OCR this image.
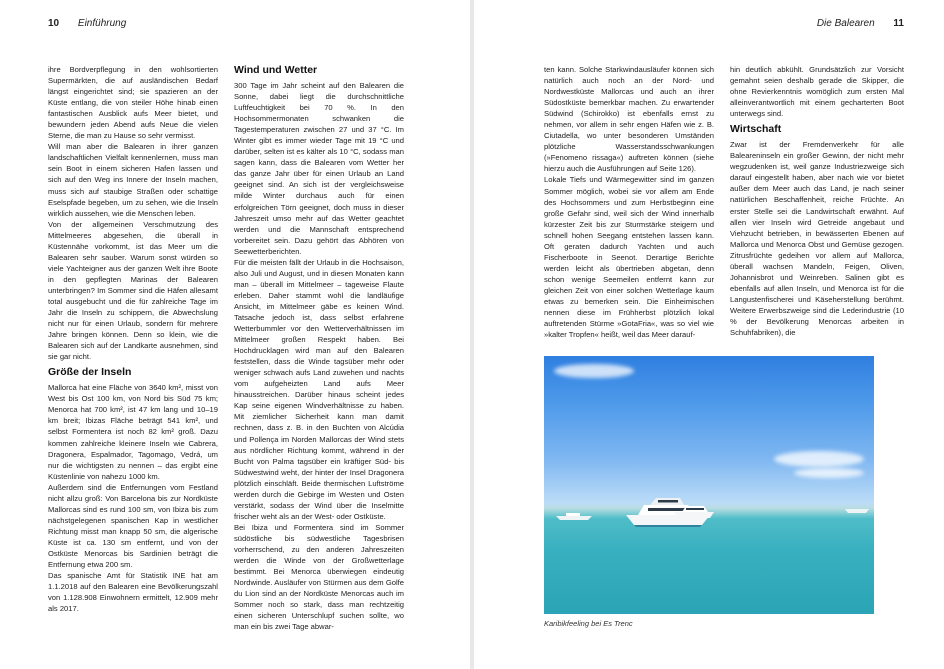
10 Einführung

ihre Bordverpflegung in den wohlsortierten Supermärkten, die auf ausländischen Bedarf längst eingerichtet sind; sie spazieren an der Küste entlang, die von steiler Höhe hinab einen fantastischen Ausblick aufs Meer bietet, und bewundern jeden Abend aufs Neue die vielen Sterne, die man zu Hause so sehr vermisst.

Will man aber die Balearen in ihrer ganzen landschaftlichen Vielfalt kennenlernen, muss man sein Boot in einem sicheren Hafen lassen und sich auf den Weg ins Innere der Inseln machen, muss sich auf staubige Straßen oder schattige Eselspfade begeben, um zu sehen, wie die Inseln wirklich aussehen, wie die Menschen leben.

Von der allgemeinen Verschmutzung des Mittelmeeres abgesehen, die überall in Küstennähe vorkommt, ist das Meer um die Balearen sehr sauber. Warum sonst würden so viele Yachteigner aus der ganzen Welt ihre Boote in den gepflegten Marinas der Balearen unterbringen? Im Sommer sind die Häfen allesamt total ausgebucht und die für zahlreiche Tage im Jahr die Inseln zu schippern, die Abwechslung nicht nur für einen Urlaub, sondern für mehrere Jahre bringen können. Denn so klein, wie die Balearen sich auf der Landkarte ausnehmen, sind sie gar nicht.

Größe der Inseln

Mallorca hat eine Fläche von 3640 km², misst von West bis Ost 100 km, von Nord bis Süd 75 km; Menorca hat 700 km², ist 47 km lang und 10–19 km breit; Ibizas Fläche beträgt 541 km², und selbst Formentera ist noch 82 km² groß. Dazu kommen zahlreiche kleinere Inseln wie Cabrera, Dragonera, Espalmador, Tagomago, Vedrá, um nur die wichtigsten zu nennen – das ergibt eine Küstenlinie von nahezu 1000 km.

Außerdem sind die Entfernungen vom Festland nicht allzu groß: Von Barcelona bis zur Nordküste Mallorcas sind es rund 100 sm, von Ibiza bis zum nächstgelegenen spanischen Kap in westlicher Richtung misst man knapp 50 sm, die algerische Küste ist ca. 130 sm entfernt, und von der Ostküste Menorcas bis Sardinien beträgt die Entfernung etwa 200 sm.

Das spanische Amt für Statistik INE hat am 1.1.2018 auf den Balearen eine Bevölkerungszahl von 1.128.908 Einwohnern ermittelt, 12.909 mehr als 2017.

Wind und Wetter

300 Tage im Jahr scheint auf den Balearen die Sonne, dabei liegt die durchschnittliche Luftfeuchtigkeit bei 70 %. In den Hochsommermonaten schwanken die Tagestemperaturen zwischen 27 und 37 °C. Im Winter gibt es immer wieder Tage mit 19 °C und darüber, selten ist es kälter als 10 °C, sodass man sagen kann, dass die Balearen vom Wetter her das ganze Jahr über für einen Urlaub an Land geeignet sind. An sich ist der vergleichsweise milde Winter durchaus auch für einen erfolgreichen Törn geeignet, doch muss in dieser Jahreszeit umso mehr auf das Wetter geachtet werden und die Mannschaft entsprechend vorbereitet sein. Dazu gehört das Abhören von Seewetterberichten.

Für die meisten fällt der Urlaub in die Hochsaison, also Juli und August, und in diesen Monaten kann man – überall im Mittelmeer – tageweise Flaute erleben. Daher stammt wohl die landläufige Ansicht, im Mittelmeer gäbe es keinen Wind. Tatsache jedoch ist, dass selbst erfahrene Wetterbummler vor den Wetterverhältnissen im Mittelmeer großen Respekt haben. Bei Hochdrucklagen wird man auf den Balearen feststellen, dass die Winde tagsüber mehr oder weniger schwach aufs Land zuwehen und nachts vom aufgeheizten Land aufs Meer hinausstreichen. Darüber hinaus scheint jedes Kap seine eigenen Windverhältnisse zu haben. Mit ziemlicher Sicherheit kann man damit rechnen, dass z. B. in den Buchten von Alcúdia und Pollença im Norden Mallorcas der Wind stets aus nördlicher Richtung kommt, während in der Bucht von Palma tagsüber ein kräftiger Süd- bis Südwestwind weht, der hinter der Insel Dragonera plötzlich einschläft. Beide thermischen Luftströme werden durch die Gebirge im Westen und Osten verstärkt, sodass der Wind über die Inselmitte frischer weht als an der West- oder Ostküste.

Bei Ibiza und Formentera sind im Sommer südöstliche bis südwestliche Tagesbrisen vorherrschend, zu den anderen Jahreszeiten werden die Winde von der Großwetterlage bestimmt. Bei Menorca überwiegen eindeutig Nordwinde. Ausläufer von Stürmen aus dem Golfe du Lion sind an der Nordküste Menorcas auch im Sommer noch so stark, dass man rechtzeitig einen sicheren Unterschlupf suchen sollte, wo man ein bis zwei Tage abwar-

Die Balearen 11

ten kann. Solche Starkwindausläufer können sich natürlich auch noch an der Nord- und Nordwestküste Mallorcas und auch an ihrer Südostküste bemerkbar machen. Zu erwartender Südwind (Schirokko) ist ebenfalls ernst zu nehmen, vor allem in sehr engen Häfen wie z. B. Ciutadella, wo unter besonderen Umständen plötzliche Wasserstandsschwankungen (»Fenomeno rissaga«) auftreten können (siehe hierzu auch die Ausführungen auf Seite 126).

Lokale Tiefs und Wärmegewitter sind im ganzen Sommer möglich, wobei sie vor allem am Ende des Hochsommers und zum Herbstbeginn eine große Gefahr sind, weil sich der Wind innerhalb kürzester Zeit bis zur Sturmstärke steigern und schnell hohen Seegang entstehen lassen kann. Oft geraten dadurch Yachten und auch Fischerboote in Seenot. Derartige Berichte werden leicht als übertrieben abgetan, denn schon wenige Seemeilen entfernt kann zur gleichen Zeit von einer solchen Wetterlage kaum etwas zu bemerken sein. Die Einheimischen nennen diese im Frühherbst plötzlich lokal auftretenden Stürme »GotaFria«, was so viel wie »kalter Tropfen« heißt, weil das Meer darauf-

hin deutlich abkühlt. Grundsätzlich zur Vorsicht gemahnt seien deshalb gerade die Skipper, die ohne Revierkenntnis womöglich zum ersten Mal alleinverantwortlich mit einem gecharterten Boot unterwegs sind.

Wirtschaft

Zwar ist der Fremdenverkehr für alle Baleareninseln ein großer Gewinn, der nicht mehr wegzudenken ist, weil ganze Industriezweige sich darauf eingestellt haben, aber nach wie vor bietet außer dem Meer auch das Land, je nach seiner natürlichen Beschaffenheit, reiche Früchte. An erster Stelle sei die Landwirtschaft erwähnt. Auf allen vier Inseln wird Getreide angebaut und Viehzucht betrieben, in bewässerten Ebenen auf Mallorca und Menorca Obst und Gemüse gezogen. Zitrusfrüchte gedeihen vor allem auf Mallorca, überall wachsen Mandeln, Feigen, Oliven, Johannisbrot und Weinreben. Salinen gibt es ebenfalls auf allen Inseln, und Menorca ist für die Langustenfischerei und Käseherstellung berühmt. Weitere Erwerbszweige sind die Lederindustrie (10 % der Bevölkerung Menorcas arbeiten in Schuhfabriken), die

Karibikfeeling bei Es Trenc
